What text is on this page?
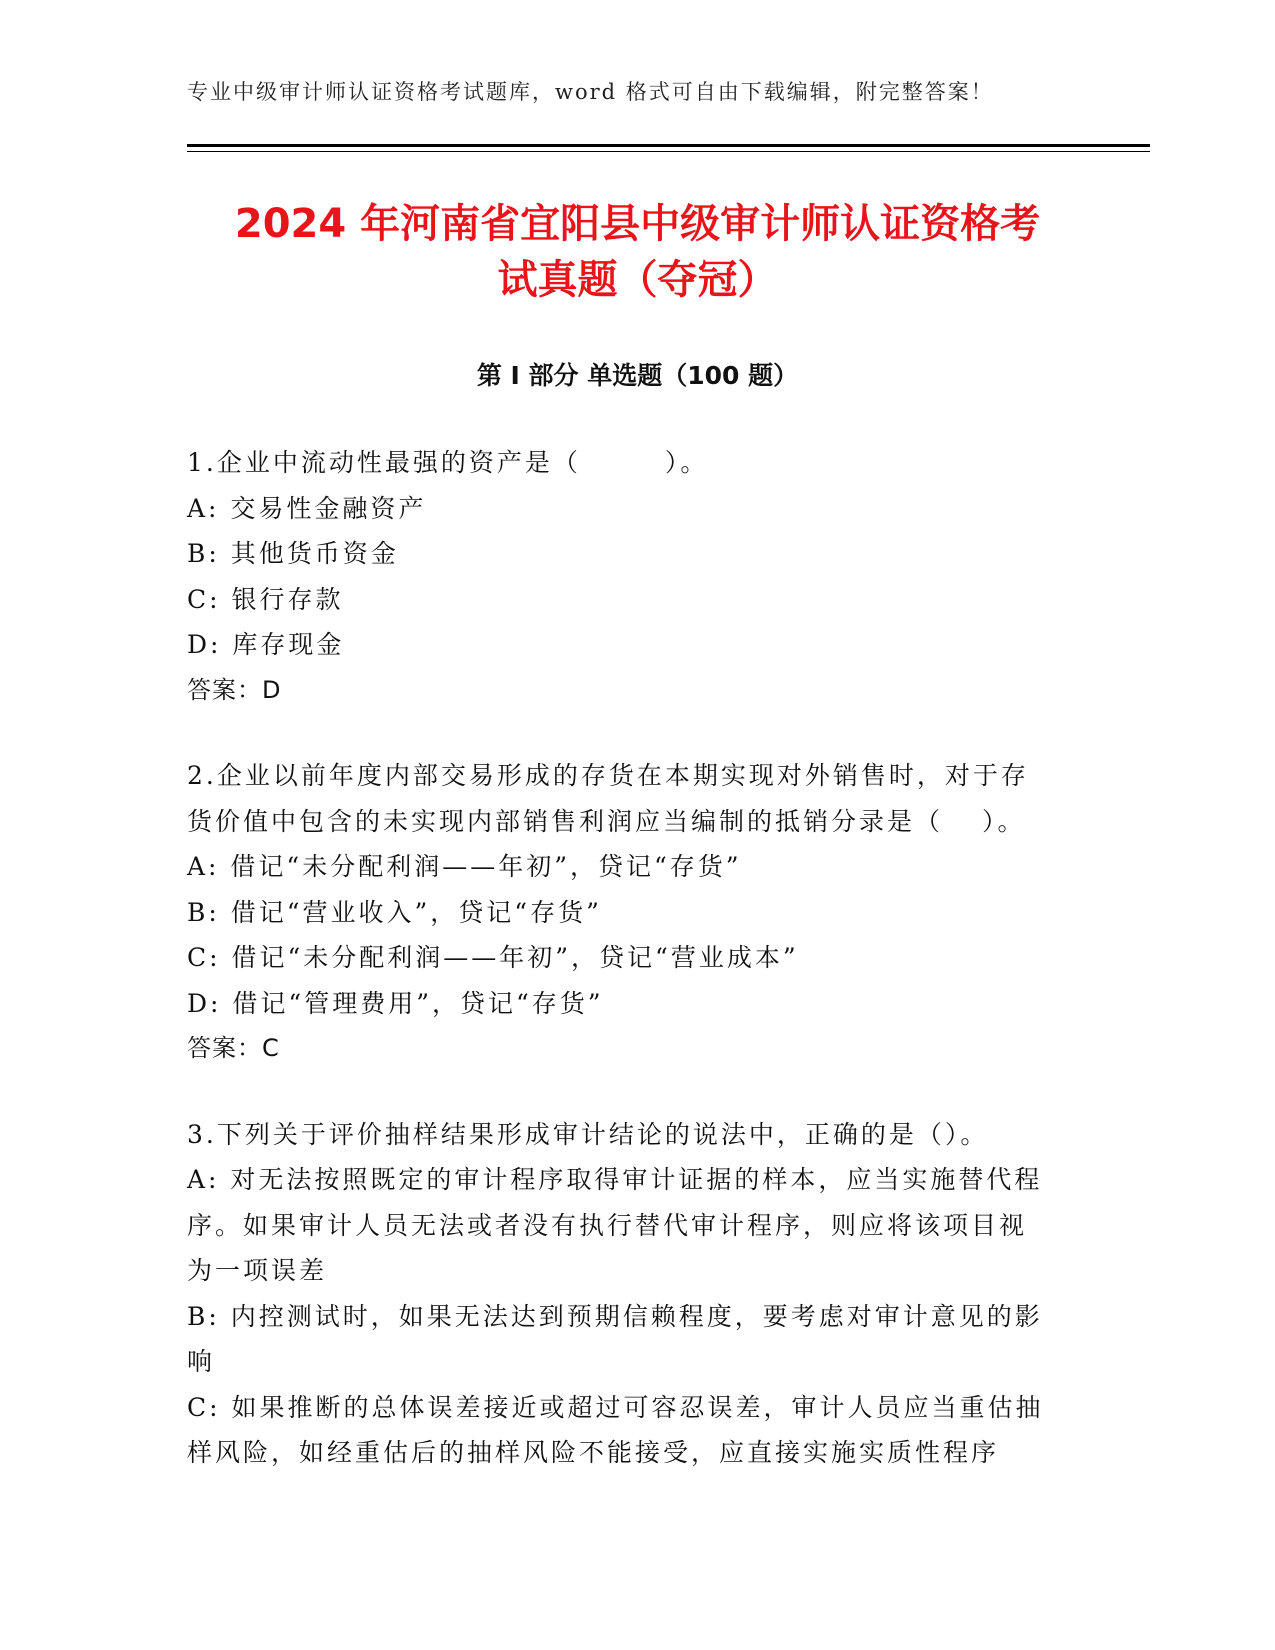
专业中级审计师认证资格考试题库，word 格式可自由下载编辑，附完整答案！
2024 年河南省宜阳县中级审计师认证资格考
试真题（夺冠）
第 I 部分 单选题（100 题）
1.企业中流动性最强的资产是（　　　）。
A: 交易性金融资产
B: 其他货币资金
C: 银行存款
D: 库存现金
答案：D
2.企业以前年度内部交易形成的存货在本期实现对外销售时，对于存
货价值中包含的未实现内部销售利润应当编制的抵销分录是（　 ）。
A: 借记“未分配利润——年初”，贷记“存货”
B: 借记“营业收入”，贷记“存货”
C: 借记“未分配利润——年初”，贷记“营业成本”
D: 借记“管理费用”，贷记“存货”
答案：C
3.下列关于评价抽样结果形成审计结论的说法中，正确的是（）。
A: 对无法按照既定的审计程序取得审计证据的样本，应当实施替代程
序。如果审计人员无法或者没有执行替代审计程序，则应将该项目视
为一项误差
B: 内控测试时，如果无法达到预期信赖程度，要考虑对审计意见的影
响
C: 如果推断的总体误差接近或超过可容忍误差，审计人员应当重估抽
样风险，如经重估后的抽样风险不能接受，应直接实施实质性程序
